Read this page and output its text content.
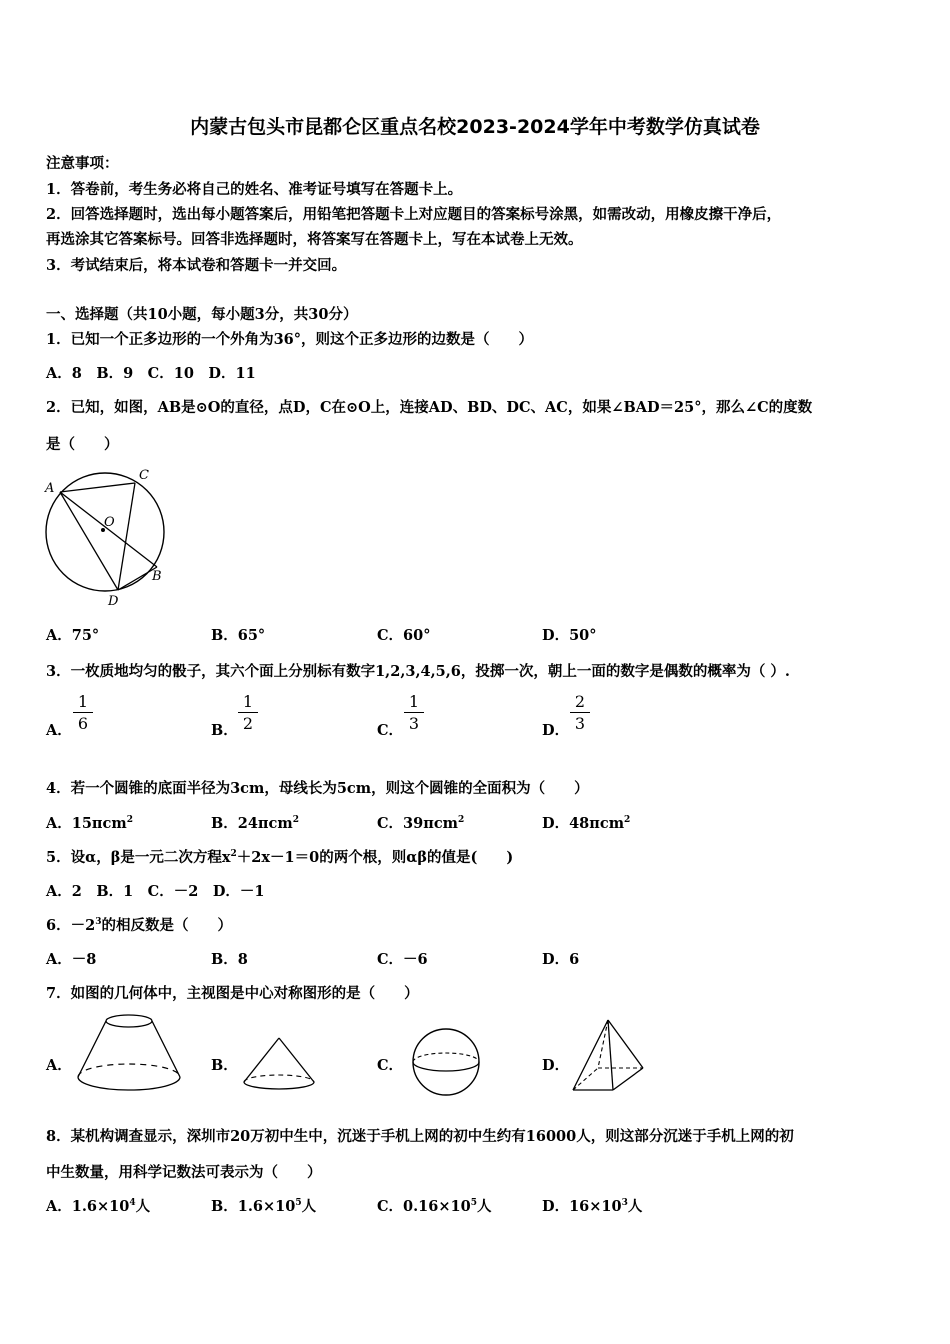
内蒙古包头市昆都仑区重点名校2023-2024学年中考数学仿真试卷
注意事项：
1．答卷前，考生务必将自己的姓名、准考证号填写在答题卡上。
2．回答选择题时，选出每小题答案后，用铅笔把答题卡上对应题目的答案标号涂黑，如需改动，用橡皮擦干净后，
再选涂其它答案标号。回答非选择题时，将答案写在答题卡上，写在本试卷上无效。
3．考试结束后，将本试卷和答题卡一并交回。
一、选择题（共10小题，每小题3分，共30分）
1．已知一个正多边形的一个外角为36°，则这个正多边形的边数是（　　）
A．8　B．9　C．10　D．11
2．已知，如图，AB是⊙O的直径，点D，C在⊙O上，连接AD、BD、DC、AC，如果∠BAD＝25°，那么∠C的度数
是（　　）
A
C
O
B
D
A．75°	B．65°	C．60°	D．50°
3．一枚质地均匀的骰子，其六个面上分别标有数字1,2,3,4,5,6，投掷一次，朝上一面的数字是偶数的概率为（ ）.
A．
1
6	B．
1
2	C．
1
3	D．
2
3
4．若一个圆锥的底面半径为3cm，母线长为5cm，则这个圆锥的全面积为（　　）
A．15πcm$^2$	B．24πcm$^2$	C．39πcm$^2$	D．48πcm$^2$
5．设α，β是一元二次方程$x^2+2x-1=0$的两个根，则αβ的值是(　　)
A．2　B．1　C．－2　D．－1
6．$-2^3$的相反数是（　　）
A．－8	B．8	C．－6	D．6
7．如图的几何体中，主视图是中心对称图形的是（　　）
A．	B．	C．	D．
8．某机构调查显示，深圳市20万初中生中，沉迷于手机上网的初中生约有16000人，则这部分沉迷于手机上网的初
中生数量，用科学记数法可表示为（　　）
A．$1.6\times 10^4$人	B．$1.6\times 10^5$人	C．$0.16\times 10^5$人	D．$16\times 10^3$人
